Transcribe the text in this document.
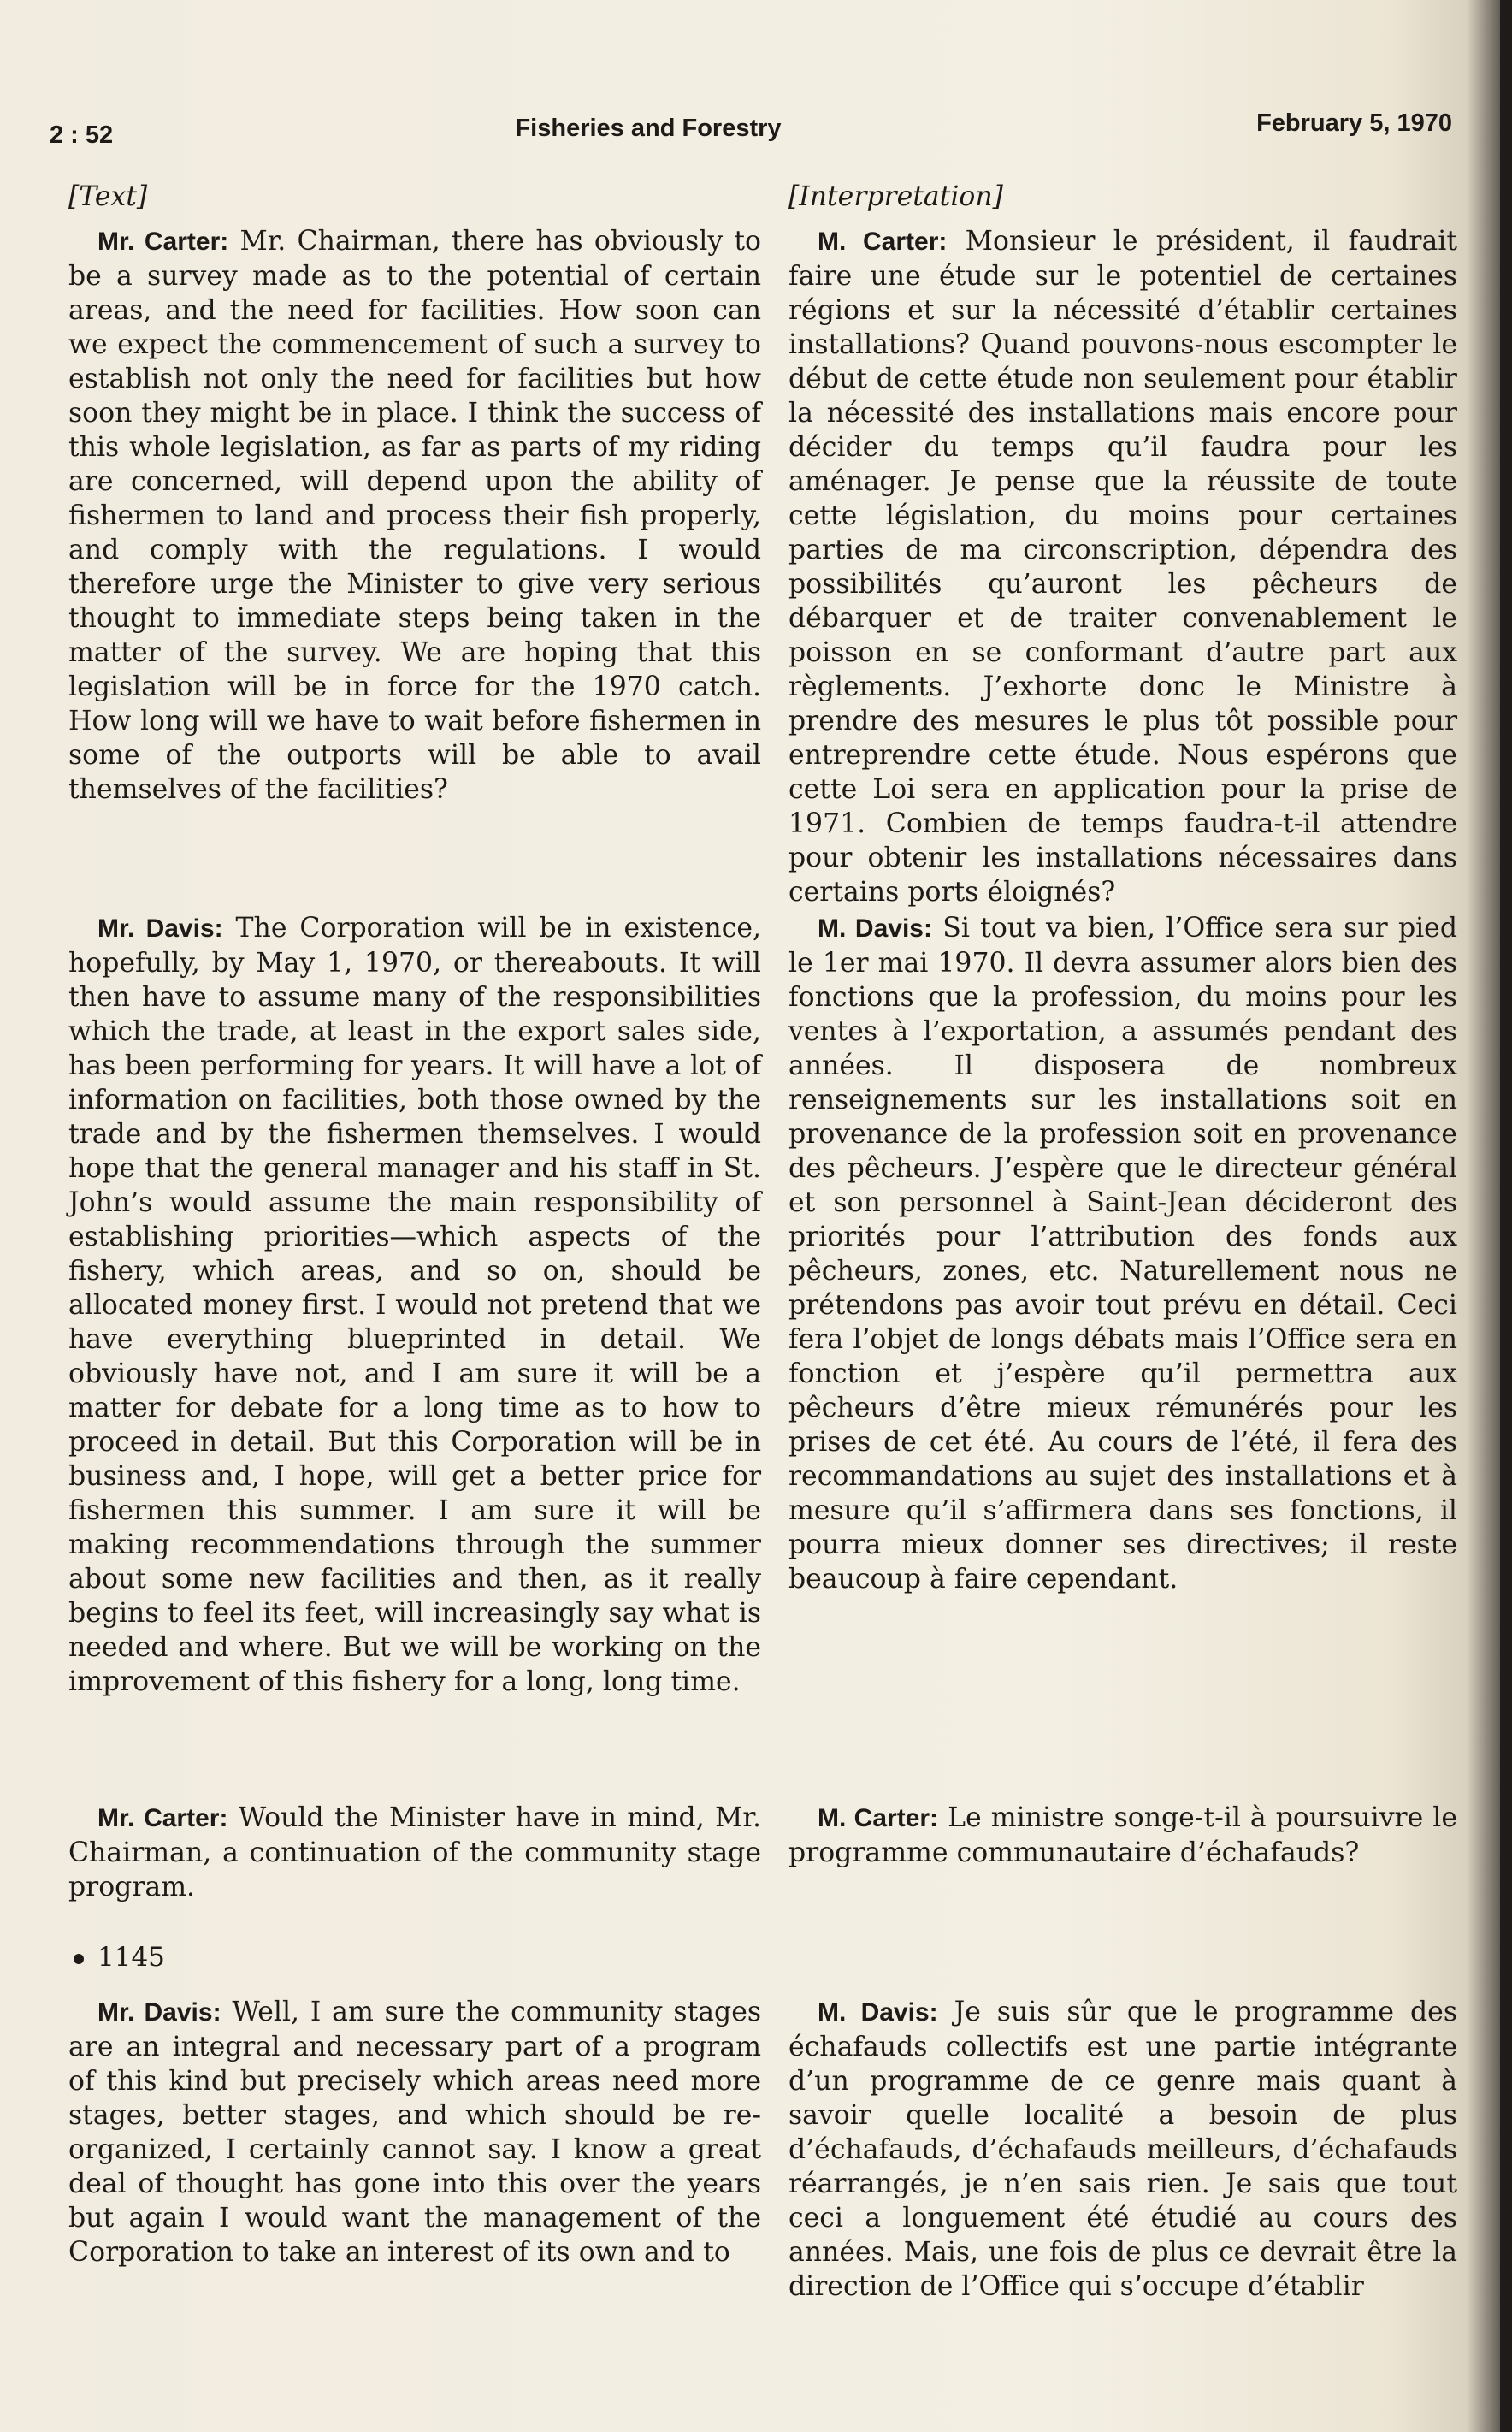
2 : 52	Fisheries and Forestry	February 5, 1970
[Text]

Mr. Carter: Mr. Chairman, there has obviously to be a survey made as to the potential of certain areas, and the need for facilities. How soon can we expect the commencement of such a survey to establish not only the need for facilities but how soon they might be in place. I think the success of this whole legislation, as far as parts of my riding are concerned, will depend upon the ability of fishermen to land and process their fish properly, and comply with the regulations. I would therefore urge the Minister to give very serious thought to immediate steps being taken in the matter of the survey. We are hoping that this legislation will be in force for the 1970 catch. How long will we have to wait before fishermen in some of the outports will be able to avail themselves of the facilities?

Mr. Davis: The Corporation will be in existence, hopefully, by May 1, 1970, or thereabouts. It will then have to assume many of the responsibilities which the trade, at least in the export sales side, has been performing for years. It will have a lot of information on facilities, both those owned by the trade and by the fishermen themselves. I would hope that the general manager and his staff in St. John’s would assume the main responsibility of establishing priorities—which aspects of the fishery, which areas, and so on, should be allocated money first. I would not pretend that we have everything blueprinted in detail. We obviously have not, and I am sure it will be a matter for debate for a long time as to how to proceed in detail. But this Corporation will be in business and, I hope, will get a better price for fishermen this summer. I am sure it will be making recommendations through the summer about some new facilities and then, as it really begins to feel its feet, will increasingly say what is needed and where. But we will be working on the improvement of this fishery for a long, long time.

Mr. Carter: Would the Minister have in mind, Mr. Chairman, a continuation of the community stage program.

1145

Mr. Davis: Well, I am sure the community stages are an integral and necessary part of a program of this kind but precisely which areas need more stages, better stages, and which should be re-organized, I certainly cannot say. I know a great deal of thought has gone into this over the years but again I would want the management of the Corporation to take an interest of its own and to

[Interpretation]

M. Carter: Monsieur le président, il faudrait faire une étude sur le potentiel de certaines régions et sur la nécessité d’établir certaines installations? Quand pouvons-nous escompter le début de cette étude non seulement pour établir la nécessité des installations mais encore pour décider du temps qu’il faudra pour les aménager. Je pense que la réussite de toute cette législation, du moins pour certaines parties de ma circonscription, dépendra des possibilités qu’auront les pêcheurs de débarquer et de traiter convenablement le poisson en se conformant d’autre part aux règlements. J’exhorte donc le Ministre à prendre des mesures le plus tôt possible pour entreprendre cette étude. Nous espérons que cette Loi sera en application pour la prise de 1971. Combien de temps faudra-t-il attendre pour obtenir les installations nécessaires dans certains ports éloignés?

M. Davis: Si tout va bien, l’Office sera sur pied le 1er mai 1970. Il devra assumer alors bien des fonctions que la profession, du moins pour les ventes à l’exportation, a assumés pendant des années. Il disposera de nombreux renseignements sur les installations soit en provenance de la profession soit en provenance des pêcheurs. J’espère que le directeur général et son personnel à Saint-Jean décideront des priorités pour l’attribution des fonds aux pêcheurs, zones, etc. Naturellement nous ne prétendons pas avoir tout prévu en détail. Ceci fera l’objet de longs débats mais l’Office sera en fonction et j’espère qu’il permettra aux pêcheurs d’être mieux rémunérés pour les prises de cet été. Au cours de l’été, il fera des recommandations au sujet des installations et à mesure qu’il s’affirmera dans ses fonctions, il pourra mieux donner ses directives; il reste beaucoup à faire cependant.

M. Carter: Le ministre songe-t-il à poursuivre le programme communautaire d’échafauds?

M. Davis: Je suis sûr que le programme des échafauds collectifs est une partie intégrante d’un programme de ce genre mais quant à savoir quelle localité a besoin de plus d’échafauds, d’échafauds meilleurs, d’échafauds réarrangés, je n’en sais rien. Je sais que tout ceci a longuement été étudié au cours des années. Mais, une fois de plus ce devrait être la direction de l’Office qui s’occupe d’établir
